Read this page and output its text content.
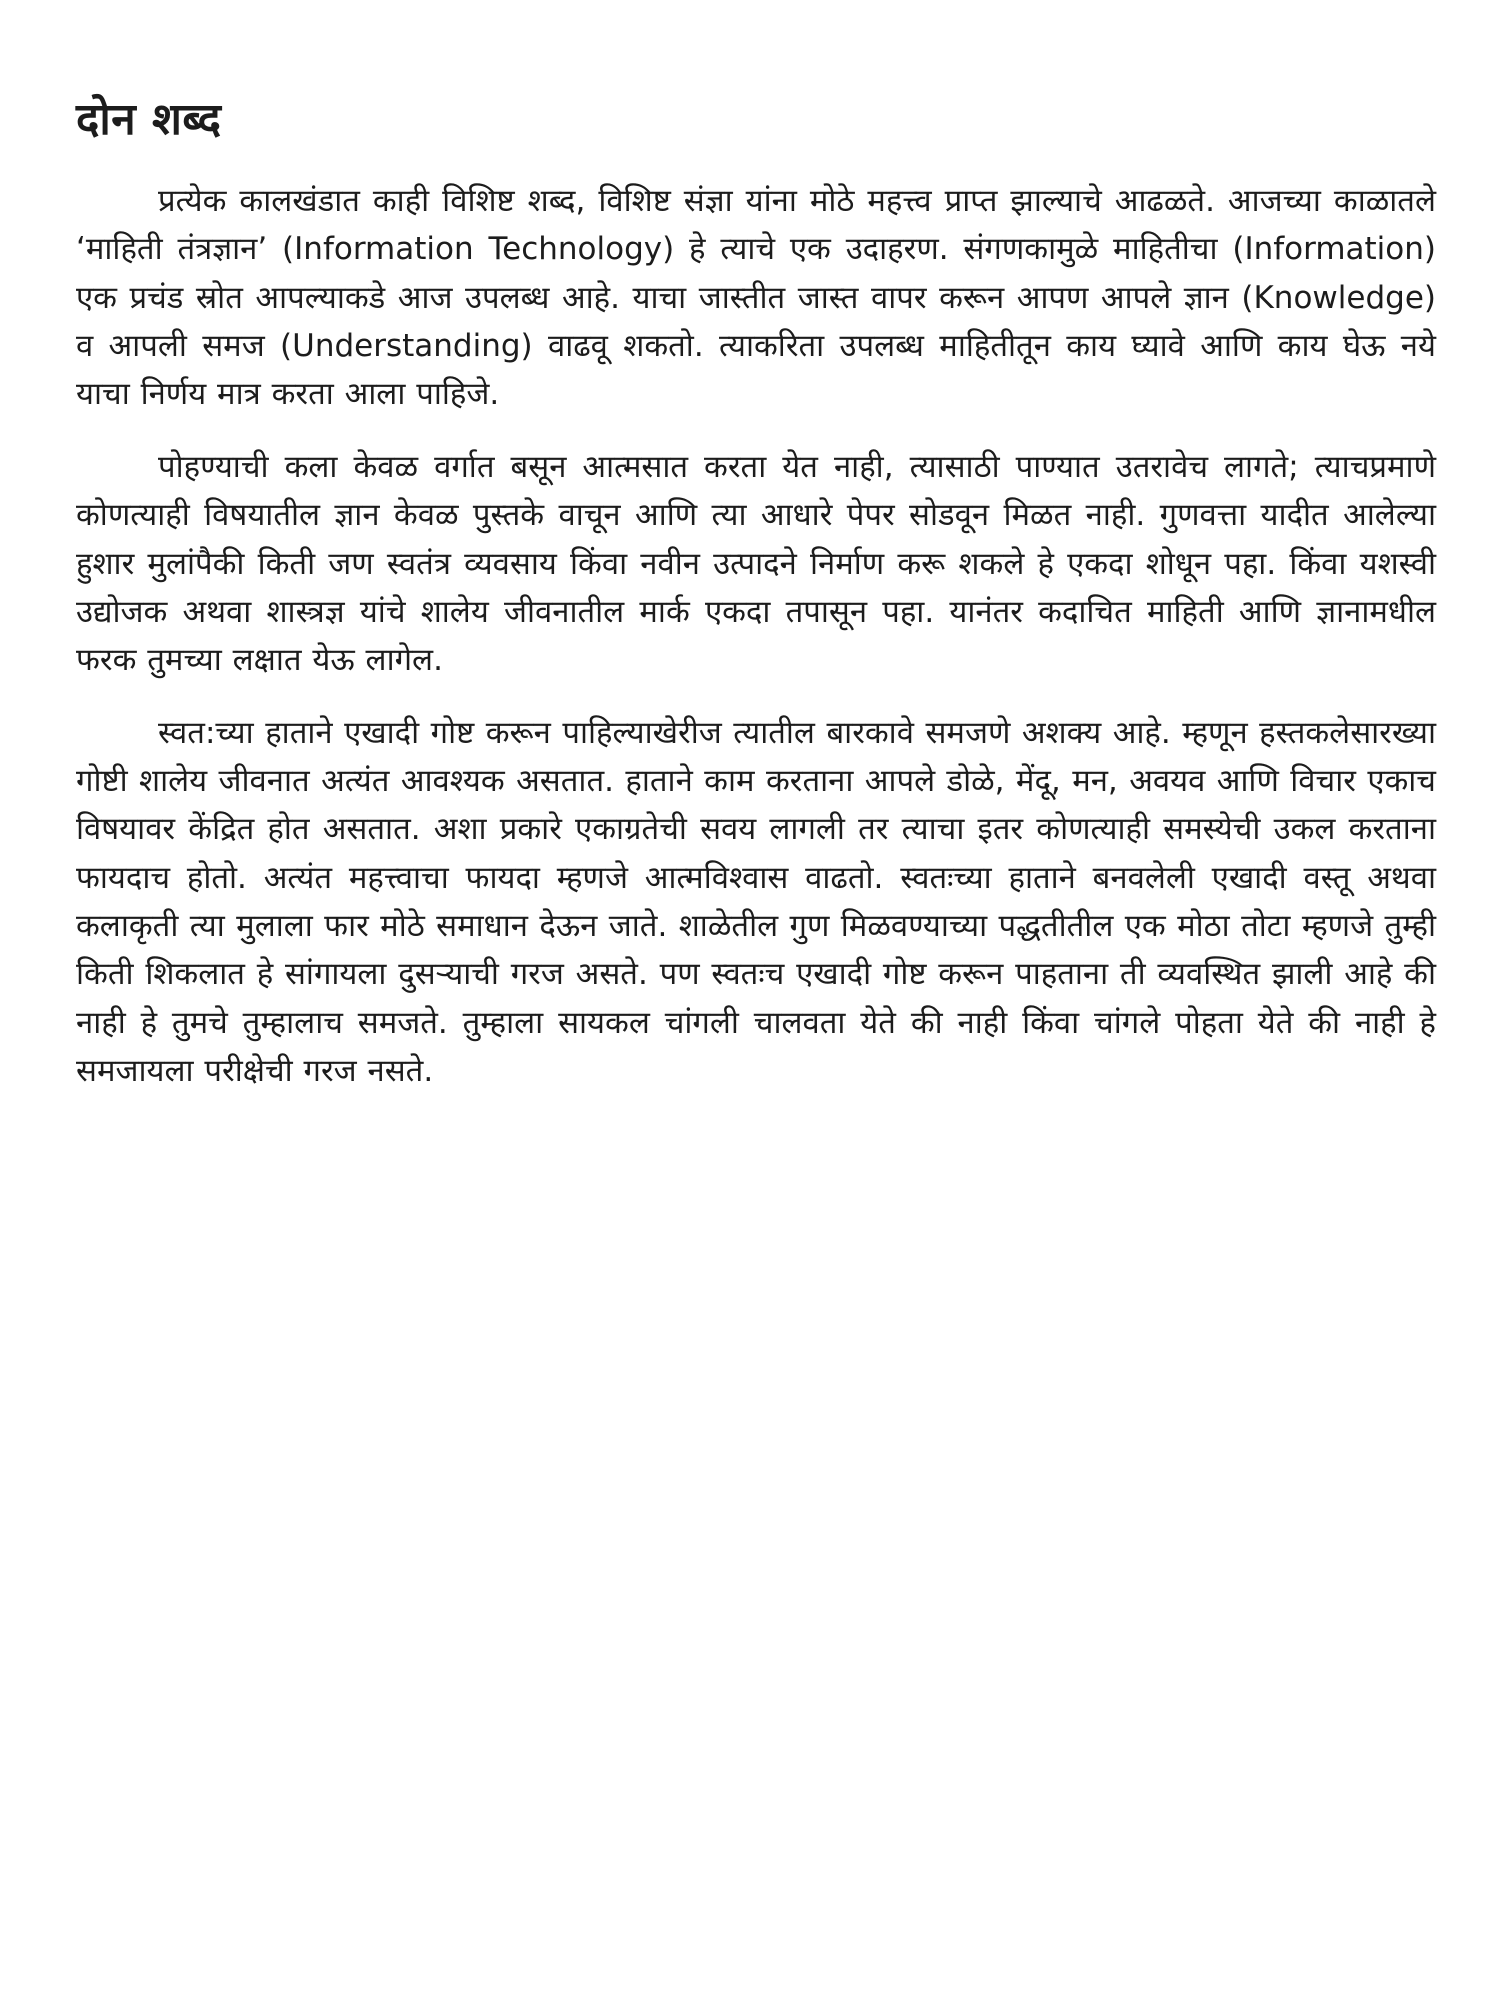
दोन शब्द

प्रत्येक कालखंडात काही विशिष्ट शब्द, विशिष्ट संज्ञा यांना मोठे महत्त्व प्राप्त झाल्याचे आढळते. आजच्या काळातले ‘माहिती तंत्रज्ञान’ (Information Technology) हे त्याचे एक उदाहरण. संगणकामुळे माहितीचा (Information) एक प्रचंड स्रोत आपल्याकडे आज उपलब्ध आहे. याचा जास्तीत जास्त वापर करून आपण आपले ज्ञान (Knowledge) व आपली समज (Understanding) वाढवू शकतो. त्याकरिता उपलब्ध माहितीतून काय घ्यावे आणि काय घेऊ नये याचा निर्णय मात्र करता आला पाहिजे.

पोहण्याची कला केवळ वर्गात बसून आत्मसात करता येत नाही, त्यासाठी पाण्यात उतरावेच लागते; त्याचप्रमाणे कोणत्याही विषयातील ज्ञान केवळ पुस्तके वाचून आणि त्या आधारे पेपर सोडवून मिळत नाही. गुणवत्ता यादीत आलेल्या हुशार मुलांपैकी किती जण स्वतंत्र व्यवसाय किंवा नवीन उत्पादने निर्माण करू शकले हे एकदा शोधून पहा. किंवा यशस्वी उद्योजक अथवा शास्त्रज्ञ यांचे शालेय जीवनातील मार्क एकदा तपासून पहा. यानंतर कदाचित माहिती आणि ज्ञानामधील फरक तुमच्या लक्षात येऊ लागेल.

स्वत:च्या हाताने एखादी गोष्ट करून पाहिल्याखेरीज त्यातील बारकावे समजणे अशक्य आहे. म्हणून हस्तकलेसारख्या गोष्टी शालेय जीवनात अत्यंत आवश्यक असतात. हाताने काम करताना आपले डोळे, मेंदू, मन, अवयव आणि विचार एकाच विषयावर केंद्रित होत असतात. अशा प्रकारे एकाग्रतेची सवय लागली तर त्याचा इतर कोणत्याही समस्येची उकल करताना फायदाच होतो. अत्यंत महत्त्वाचा फायदा म्हणजे आत्मविश्वास वाढतो. स्वतःच्या हाताने बनवलेली एखादी वस्तू अथवा कलाकृती त्या मुलाला फार मोठे समाधान देऊन जाते. शाळेतील गुण मिळवण्याच्या पद्धतीतील एक मोठा तोटा म्हणजे तुम्ही किती शिकलात हे सांगायला दुसऱ्याची गरज असते. पण स्वतःच एखादी गोष्ट करून पाहताना ती व्यवस्थित झाली आहे की नाही हे तुमचे तुम्हालाच समजते. तुम्हाला सायकल चांगली चालवता येते की नाही किंवा चांगले पोहता येते की नाही हे समजायला परीक्षेची गरज नसते.
